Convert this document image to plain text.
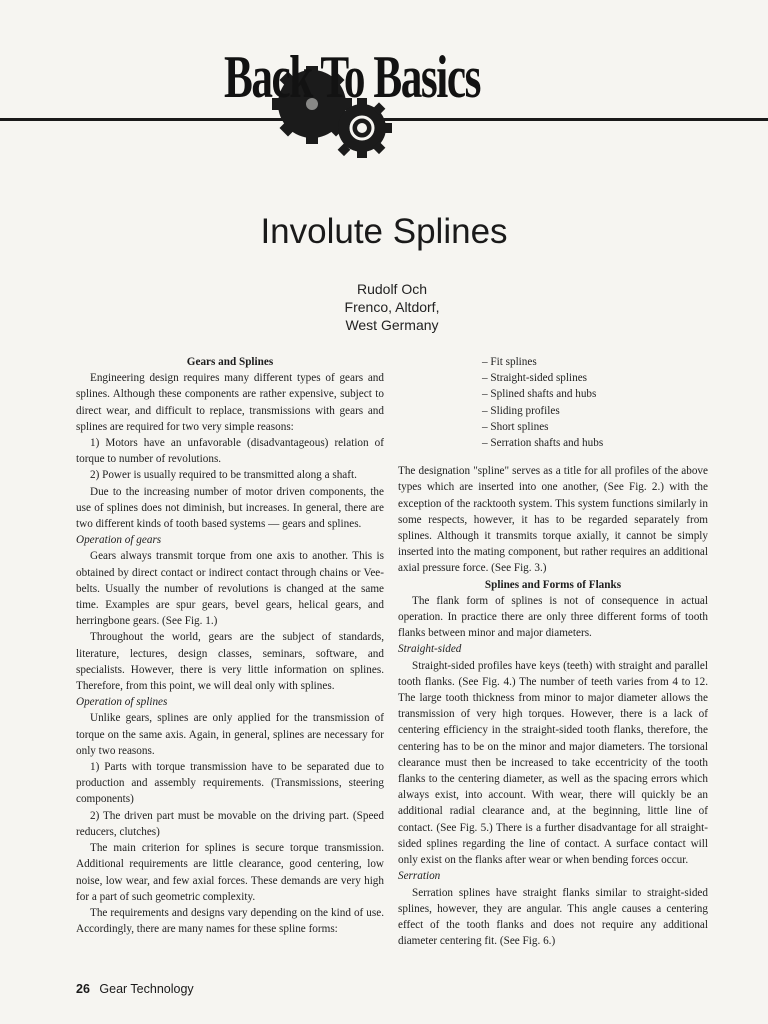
Back To Basics
Involute Splines
Rudolf Och
Frenco, Altdorf,
West Germany
Gears and Splines

Engineering design requires many different types of gears and splines. Although these components are rather expensive, subject to direct wear, and difficult to replace, transmissions with gears and splines are required for two very simple reasons:

1) Motors have an unfavorable (disadvantageous) relation of torque to number of revolutions.

2) Power is usually required to be transmitted along a shaft.

Due to the increasing number of motor driven components, the use of splines does not diminish, but increases. In general, there are two different kinds of tooth based systems — gears and splines.

Operation of gears

Gears always transmit torque from one axis to another. This is obtained by direct contact or indirect contact through chains or Vee-belts. Usually the number of revolutions is changed at the same time. Examples are spur gears, bevel gears, helical gears, and herringbone gears. (See Fig. 1.)

Throughout the world, gears are the subject of standards, literature, lectures, design classes, seminars, software, and specialists. However, there is very little information on splines. Therefore, from this point, we will deal only with splines.

Operation of splines

Unlike gears, splines are only applied for the transmission of torque on the same axis. Again, in general, splines are necessary for only two reasons.

1) Parts with torque transmission have to be separated due to production and assembly requirements. (Transmissions, steering components)

2) The driven part must be movable on the driving part. (Speed reducers, clutches)

The main criterion for splines is secure torque transmission. Additional requirements are little clearance, good centering, low noise, low wear, and few axial forces. These demands are very high for a part of such geometric complexity.

The requirements and designs vary depending on the kind of use. Accordingly, there are many names for these spline forms:

– Fit splines
– Straight-sided splines
– Splined shafts and hubs
– Sliding profiles
– Short splines
– Serration shafts and hubs

The designation "spline" serves as a title for all profiles of the above types which are inserted into one another, (See Fig. 2.) with the exception of the racktooth system. This system functions similarly in some respects, however, it has to be regarded separately from splines. Although it transmits torque axially, it cannot be simply inserted into the mating component, but rather requires an additional axial pressure force. (See Fig. 3.)

Splines and Forms of Flanks

The flank form of splines is not of consequence in actual operation. In practice there are only three different forms of tooth flanks between minor and major diameters.

Straight-sided

Straight-sided profiles have keys (teeth) with straight and parallel tooth flanks. (See Fig. 4.) The number of teeth varies from 4 to 12. The large tooth thickness from minor to major diameter allows the transmission of very high torques. However, there is a lack of centering efficiency in the straight-sided tooth flanks, therefore, the centering has to be on the minor and major diameters. The torsional clearance must then be increased to take eccentricity of the tooth flanks to the centering diameter, as well as the spacing errors which always exist, into account. With wear, there will quickly be an additional radial clearance and, at the beginning, little line of contact. (See Fig. 5.) There is a further disadvantage for all straight-sided splines regarding the line of contact. A surface contact will only exist on the flanks after wear or when bending forces occur.

Serration

Serration splines have straight flanks similar to straight-sided splines, however, they are angular. This angle causes a centering effect of the tooth flanks and does not require any additional diameter centering fit. (See Fig. 6.)

26 Gear Technology
